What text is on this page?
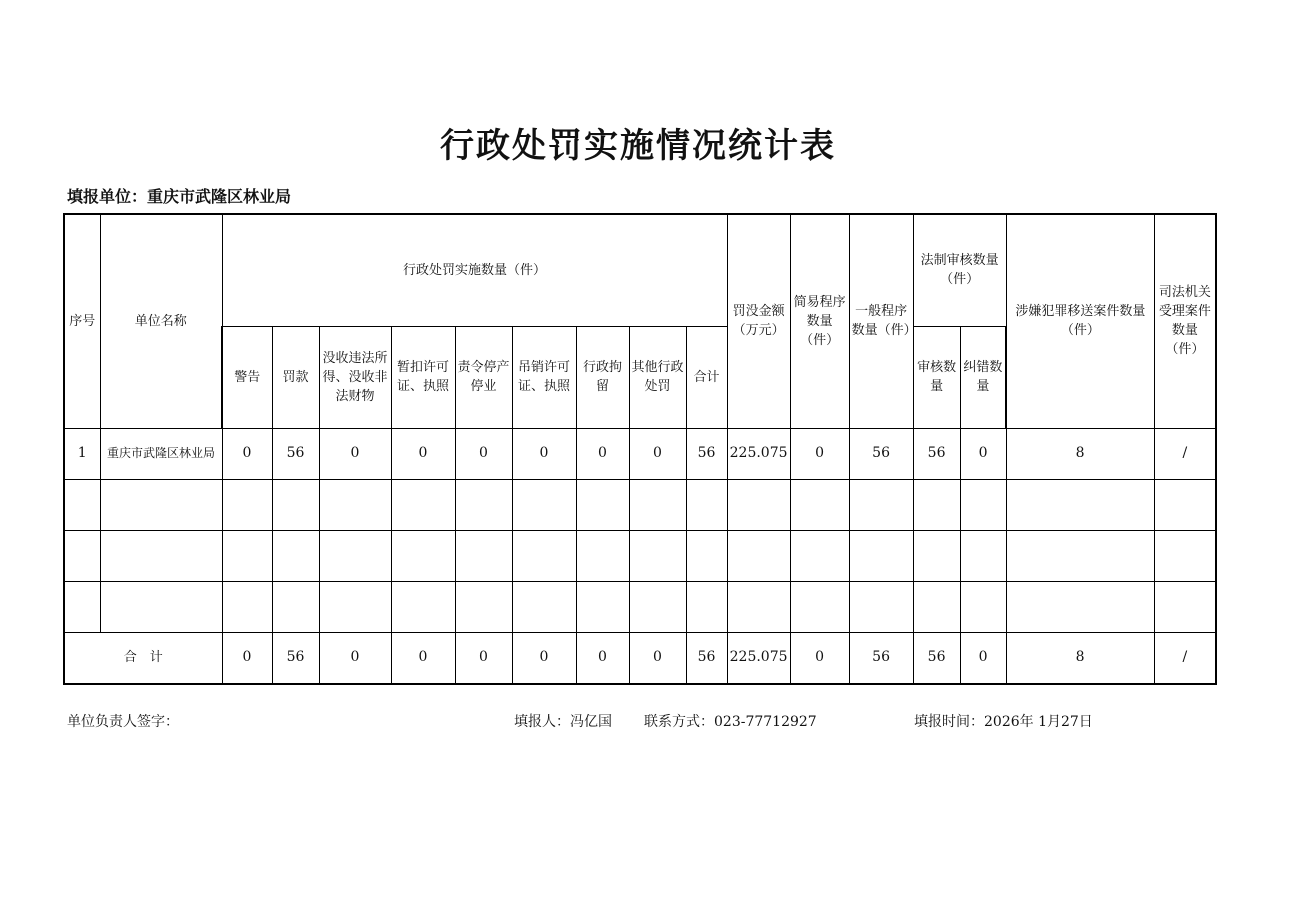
行政处罚实施情况统计表
填报单位：重庆市武隆区林业局
序号	单位名称	行政处罚实施数量（件）									罚没金额（万元）	简易程序数量（件）	一般程序数量（件）	法制审核数量（件）		涉嫌犯罪移送案件数量（件）	司法机关受理案件数量（件）
		警告	罚款	没收违法所得、没收非法财物	暂扣许可证、执照	责令停产停业	吊销许可证、执照	行政拘留	其他行政处罚	合计				审核数量	纠错数量		
1	重庆市武隆区林业局	0	56	0	0	0	0	0	0	56	225.075	0	56	56	0	8	/

合　计		0	56	0	0	0	0	0	0	56	225.075	0	56	56	0	8	/
单位负责人签字：	填报人：冯亿国 联系方式：023-77712927	填报时间：2026年 1月27日
